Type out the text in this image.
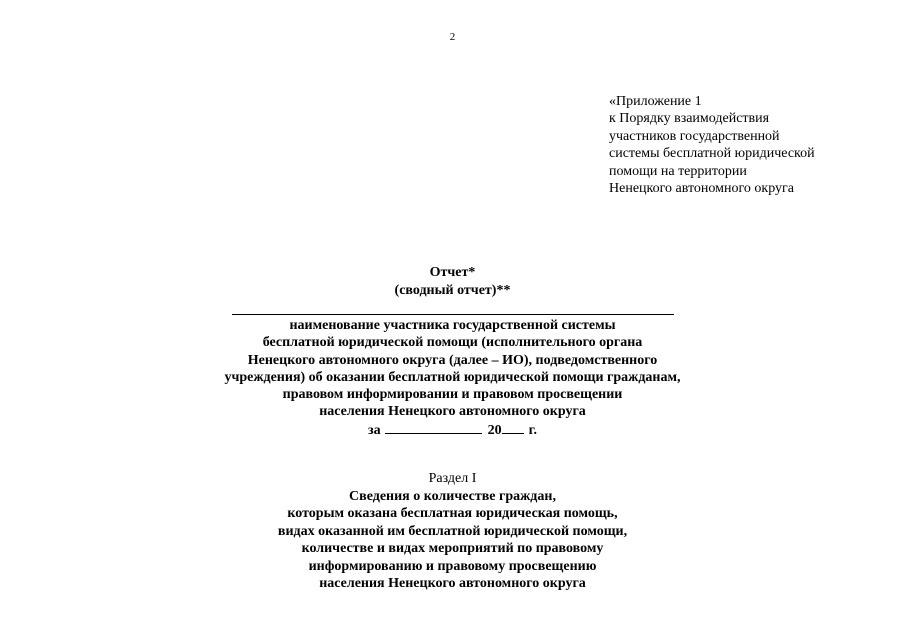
2
«Приложение 1
к Порядку взаимодействия
участников государственной
системы бесплатной юридической
помощи на территории
Ненецкого автономного округа
Отчет*
(сводный отчет)**
наименование участника государственной системы
бесплатной юридической помощи (исполнительного органа
Ненецкого автономного округа (далее – ИО), подведомственного
учреждения) об оказании бесплатной юридической помощи гражданам,
правовом информировании и правовом просвещении
населения Ненецкого автономного округа
за	20 г.
Раздел I
Сведения о количестве граждан,
которым оказана бесплатная юридическая помощь,
видах оказанной им бесплатной юридической помощи,
количестве и видах мероприятий по правовому
информированию и правовому просвещению
населения Ненецкого автономного округа
